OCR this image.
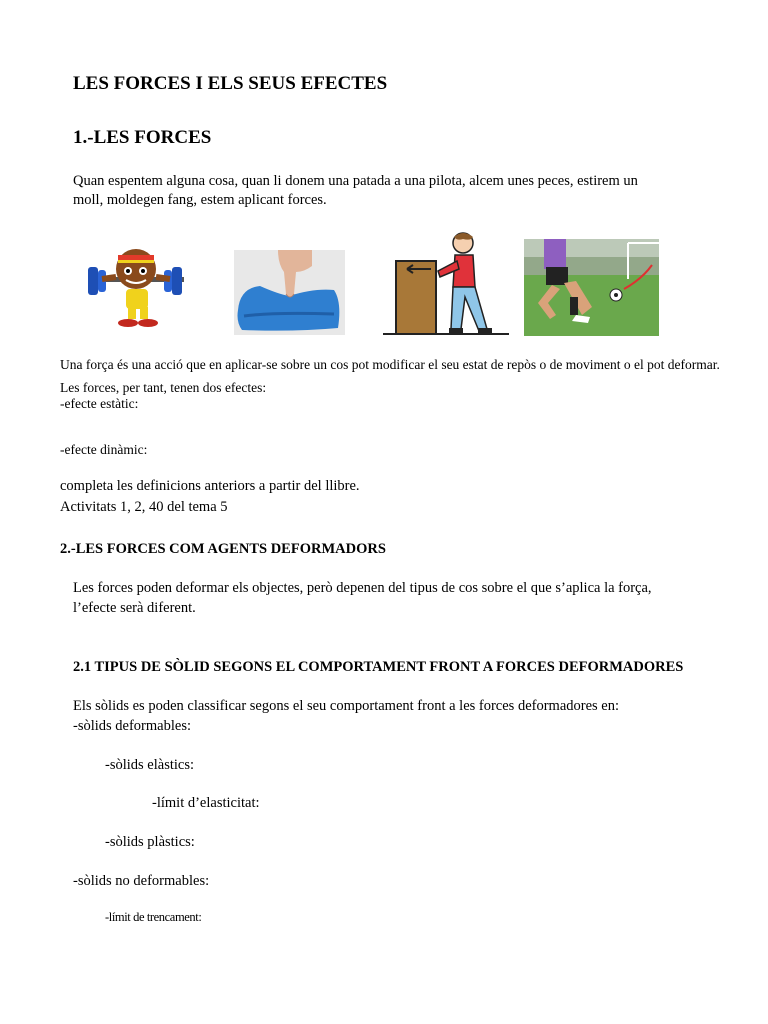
LES FORCES I ELS SEUS EFECTES
1.-LES FORCES
Quan espentem alguna cosa, quan li donem una patada a una pilota, alcem unes peces, estirem un
moll, moldegen fang, estem aplicant forces.
Una força és una acció que en aplicar-se sobre un cos pot modificar el seu estat de repòs o de moviment o el pot deformar.
Les forces, per tant, tenen dos efectes:
-efecte estàtic:
-efecte dinàmic:
completa les definicions anteriors a partir del llibre.
Activitats 1, 2, 40 del tema 5
2.-LES FORCES COM AGENTS DEFORMADORS
Les forces poden deformar els objectes, però depenen del tipus de cos sobre el que s’aplica la força,
l’efecte serà diferent.
2.1 TIPUS DE SÒLID SEGONS EL COMPORTAMENT FRONT A FORCES DEFORMADORES
Els sòlids es poden classificar segons el seu comportament front a les forces deformadores en:
-sòlids deformables:
-sòlids elàstics:
-límit d’elasticitat:
-sòlids plàstics:
-sòlids no deformables:
-límit de trencament:
